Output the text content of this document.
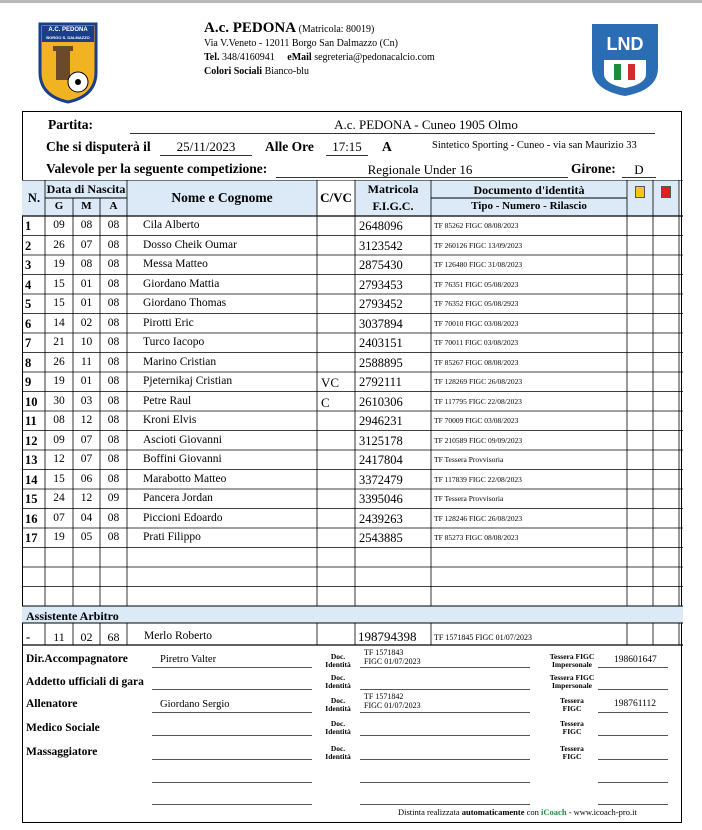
A.C. PEDONA
BORGO S. DALMAZZO	LND
A.c. PEDONA (Matricola: 80019)
Via V.Veneto - 12011 Borgo San Dalmazzo (Cn)
Tel. 348/4160941 eMail segreteria@pedonacalcio.com
Colori Sociali Bianco-blu
Partita:	A.c. PEDONA - Cuneo 1905 Olmo
Che si disputerà il	25/11/2023	Alle Ore	17:15	A	Sintetico Sporting - Cuneo - via san Maurizio 33
Valevole per la seguente competizione:	Regionale Under 16	Girone:	D
N.
Data di Nascita
G	M	A
Nome e Cognome	C/VC
Matricola
F.I.G.C.
Documento d'identità
Tipo - Numero - Rilascio
1	09	08	08	Cila Alberto	2648096	TF 85262 FIGC 08/08/2023
2	26	07	08	Dosso Cheik Oumar	3123542	TF 260126 FIGC 13/09/2023
3	19	08	08	Messa Matteo	2875430	TF 126480 FIGC 31/08/2023
4	15	01	08	Giordano Mattia	2793453	TF 76351 FIGC 05/08/2023
5	15	01	08	Giordano Thomas	2793452	TF 76352 FIGC 05/08/2923
6	14	02	08	Pirotti Eric	3037894	TF 70010 FIGC 03/08/2023
7	21	10	08	Turco Iacopo	2403151	TF 70011 FIGC 03/08/2023
8	26	11	08	Marino Cristian	2588895	TF 85267 FIGC 08/08/2023
9	19	01	08	Pjeternikaj Cristian	VC 2792111	TF 128269 FIGC 26/08/2023
10	30	03	08	Petre Raul	C 2610306	TF 117795 FIGC 22/08/2023
11	08	12	08	Kroni Elvis	2946231	TF 70009 FIGC 03/08/2023
12	09	07	08	Ascioti Giovanni	3125178	TF 210589 FIGC 09/09/2023
13	12	07	08	Boffini Giovanni	2417804	TF Tessera Provvisoria
14	15	06	08	Marabotto Matteo	3372479	TF 117839 FIGC 22/08/2023
15	24	12	09	Pancera Jordan	3395046	TF Tessera Provvisoria
16	07	04	08	Piccioni Edoardo	2439263	TF 128246 FIGC 26/08/2023
17	19	05	08	Prati Filippo	2543885	TF 85273 FIGC 08/08/2023
Assistente Arbitro
-	11	02	68	Merlo Roberto	198794398 TF 1571845 FIGC 01/07/2023
Dir.Accompagnatore	Piretro Valter	Doc. Identità
TF 1571843
FIGC 01/07/2023
Tessera FIGC Impersonale	198601647
Addetto ufficiali di gara	Doc. Identità
Tessera FIGC Impersonale
Allenatore	Giordano Sergio	Doc. Identità
TF 1571842
FIGC 01/07/2023
Tessera FIGC	198761112
Medico Sociale	Doc. Identità
Tessera FIGC
Massaggiatore	Doc. Identità
Tessera FIGC
Distinta realizzata automaticamente con iCoach - www.icoach-pro.it
